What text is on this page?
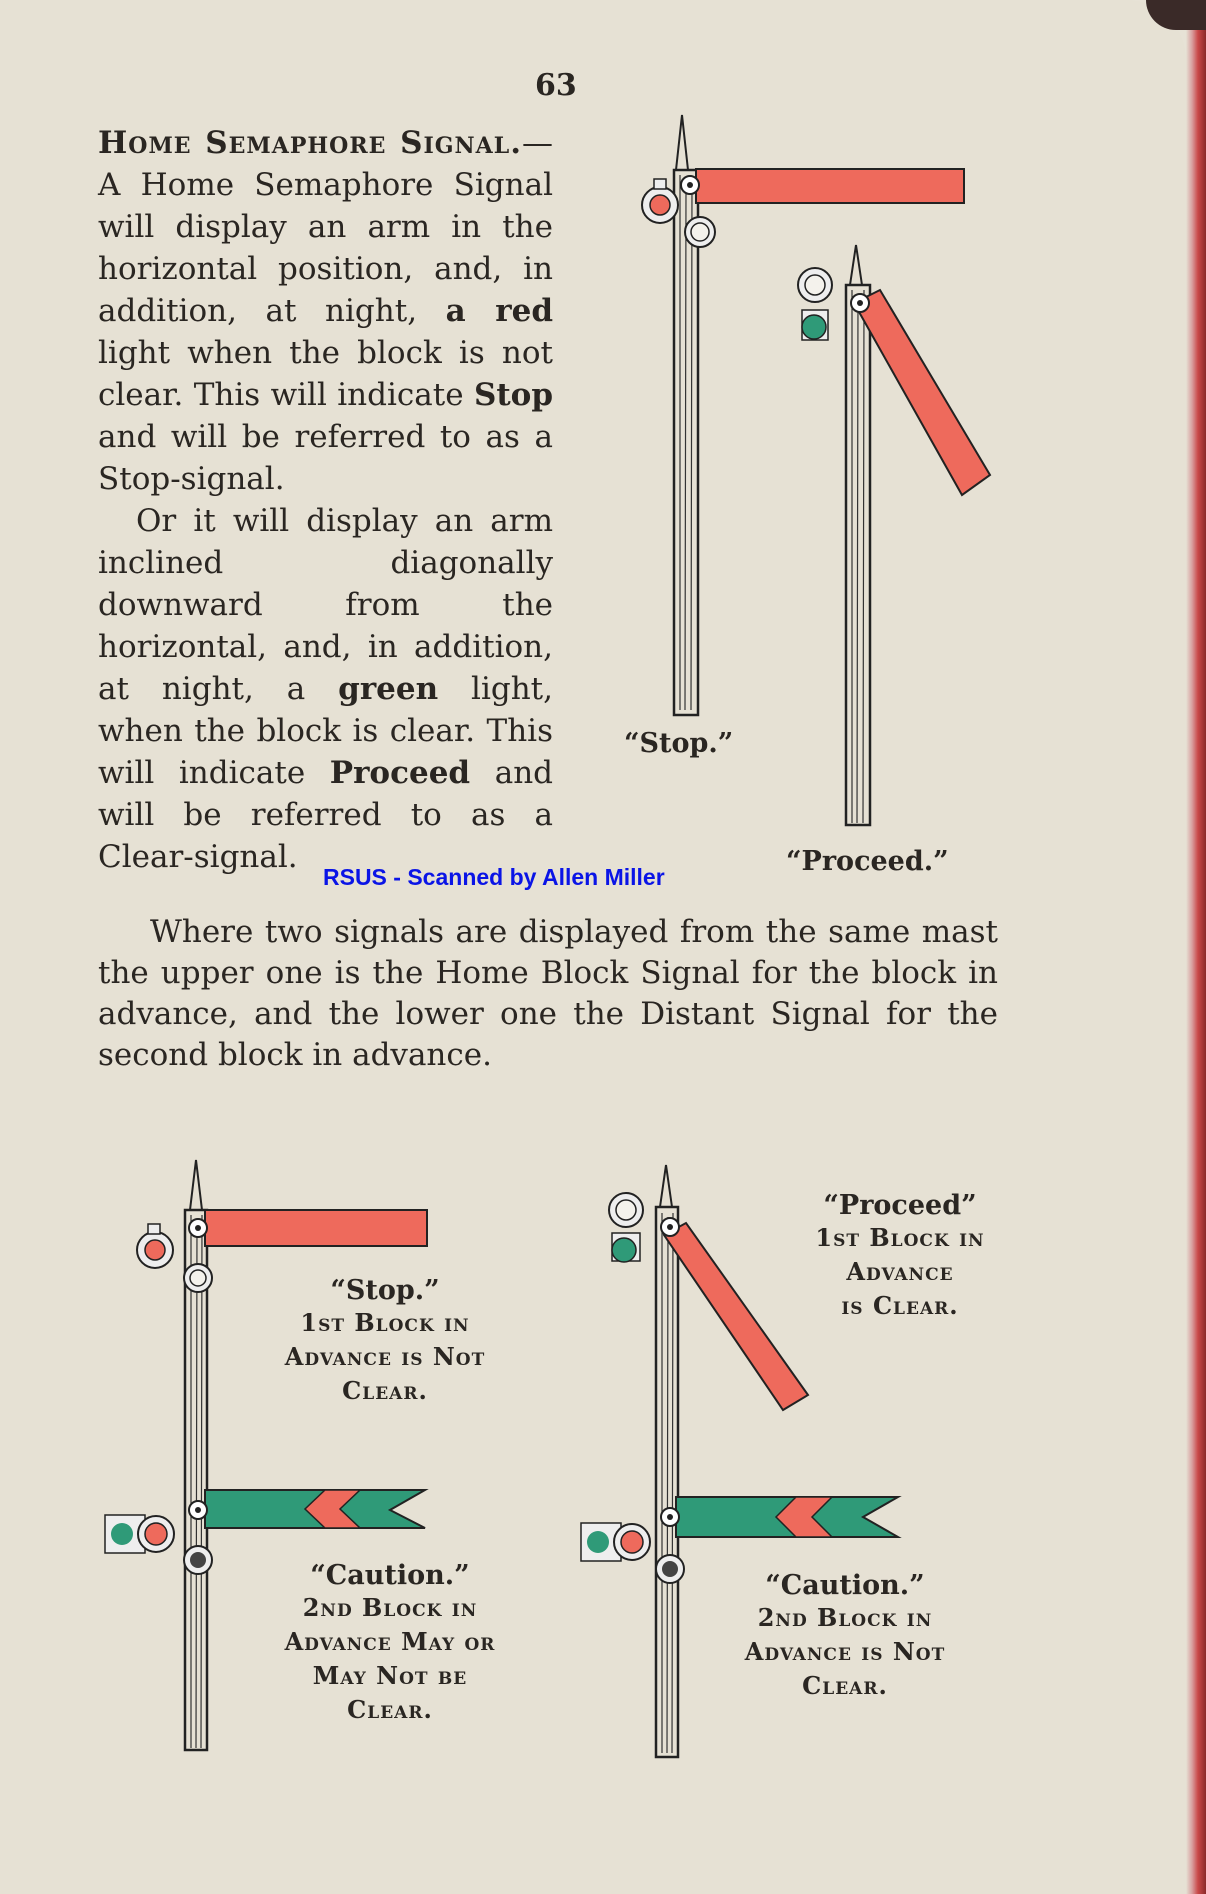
63

Home Semaphore Signal.—A Home Semaphore Signal will display an arm in the horizontal position, and, in addition, at night, a red light when the block is not clear. This will indicate Stop and will be referred to as a Stop-signal.

Or it will display an arm inclined diagonally downward from the horizontal, and, in addition, at night, a green light, when the block is clear. This will indicate Proceed and will be referred to as a Clear-signal.

RSUS - Scanned by Allen Miller
Where two signals are displayed from the same mast the upper one is the Home Block Signal for the block in advance, and the lower one the Distant Signal for the second block in advance.
“Stop.”
“Proceed.”
“Stop.”
1st Block in
Advance is Not
Clear.
“Caution.”
2nd Block in
Advance May or
May Not be
Clear.
“Proceed”
1st Block in
Advance
is Clear.
“Caution.”
2nd Block in
Advance is Not
Clear.
